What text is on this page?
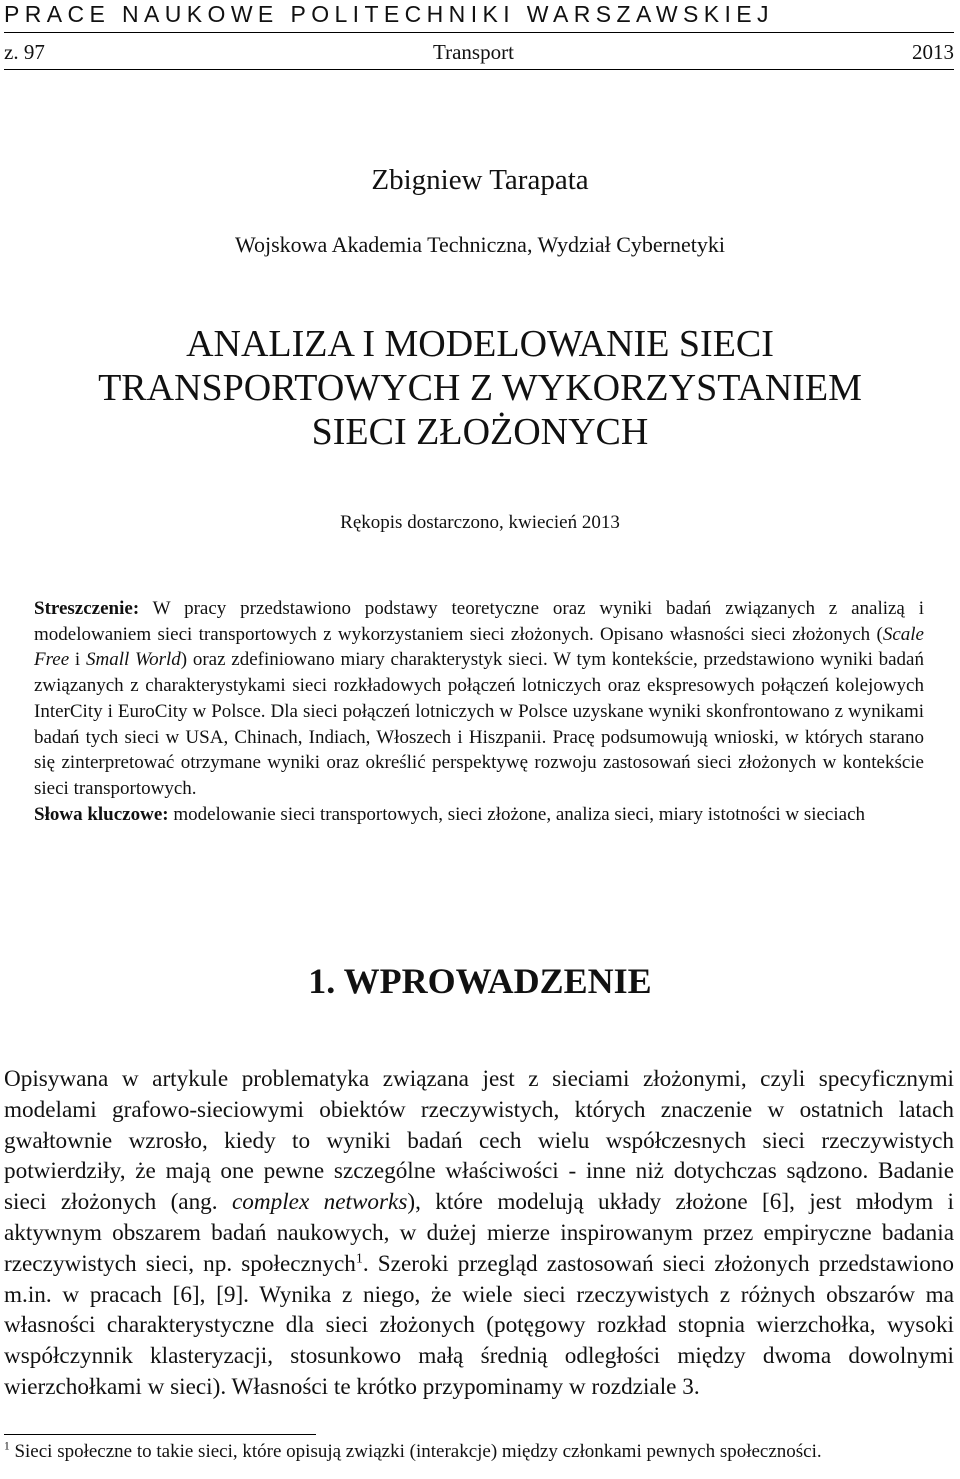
PRACE NAUKOWE POLITECHNIKI WARSZAWSKIEJ
z. 97	Transport	2013
Zbigniew Tarapata
Wojskowa Akademia Techniczna, Wydział Cybernetyki
ANALIZA I MODELOWANIE SIECI
TRANSPORTOWYCH Z WYKORZYSTANIEM
SIECI ZŁOŻONYCH
Rękopis dostarczono, kwiecień 2013

Streszczenie: W pracy przedstawiono podstawy teoretyczne oraz wyniki badań związanych z analizą i modelowaniem sieci transportowych z wykorzystaniem sieci złożonych. Opisano własności sieci złożonych (Scale Free i Small World) oraz zdefiniowano miary charakterystyk sieci. W tym kontekście, przedstawiono wyniki badań związanych z charakterystykami sieci rozkładowych połączeń lotniczych oraz ekspresowych połączeń kolejowych InterCity i EuroCity w Polsce. Dla sieci połączeń lotniczych w Polsce uzyskane wyniki skonfrontowano z wynikami badań tych sieci w USA, Chinach, Indiach, Włoszech i Hiszpanii. Pracę podsumowują wnioski, w których starano się zinterpretować otrzymane wyniki oraz określić perspektywę rozwoju zastosowań sieci złożonych w kontekście sieci transportowych.

Słowa kluczowe: modelowanie sieci transportowych, sieci złożone, analiza sieci, miary istotności w sieciach

1. WPROWADZENIE

Opisywana w artykule problematyka związana jest z sieciami złożonymi, czyli specyficznymi modelami grafowo-sieciowymi obiektów rzeczywistych, których znaczenie w ostatnich latach gwałtownie wzrosło, kiedy to wyniki badań cech wielu współczesnych sieci rzeczywistych potwierdziły, że mają one pewne szczególne właściwości - inne niż dotychczas sądzono. Badanie sieci złożonych (ang. complex networks), które modelują układy złożone [6], jest młodym i aktywnym obszarem badań naukowych, w dużej mierze inspirowanym przez empiryczne badania rzeczywistych sieci, np. społecznych$^1$. Szeroki przegląd zastosowań sieci złożonych przedstawiono m.in. w pracach [6], [9]. Wynika z niego, że wiele sieci rzeczywistych z różnych obszarów ma własności charakterystyczne dla sieci złożonych (potęgowy rozkład stopnia wierzchołka, wysoki współczynnik klasteryzacji, stosunkowo małą średnią odległości między dwoma dowolnymi wierzchołkami w sieci). Własności te krótko przypominamy w rozdziale 3.

$^1$ Sieci społeczne to takie sieci, które opisują związki (interakcje) między członkami pewnych społeczności.
